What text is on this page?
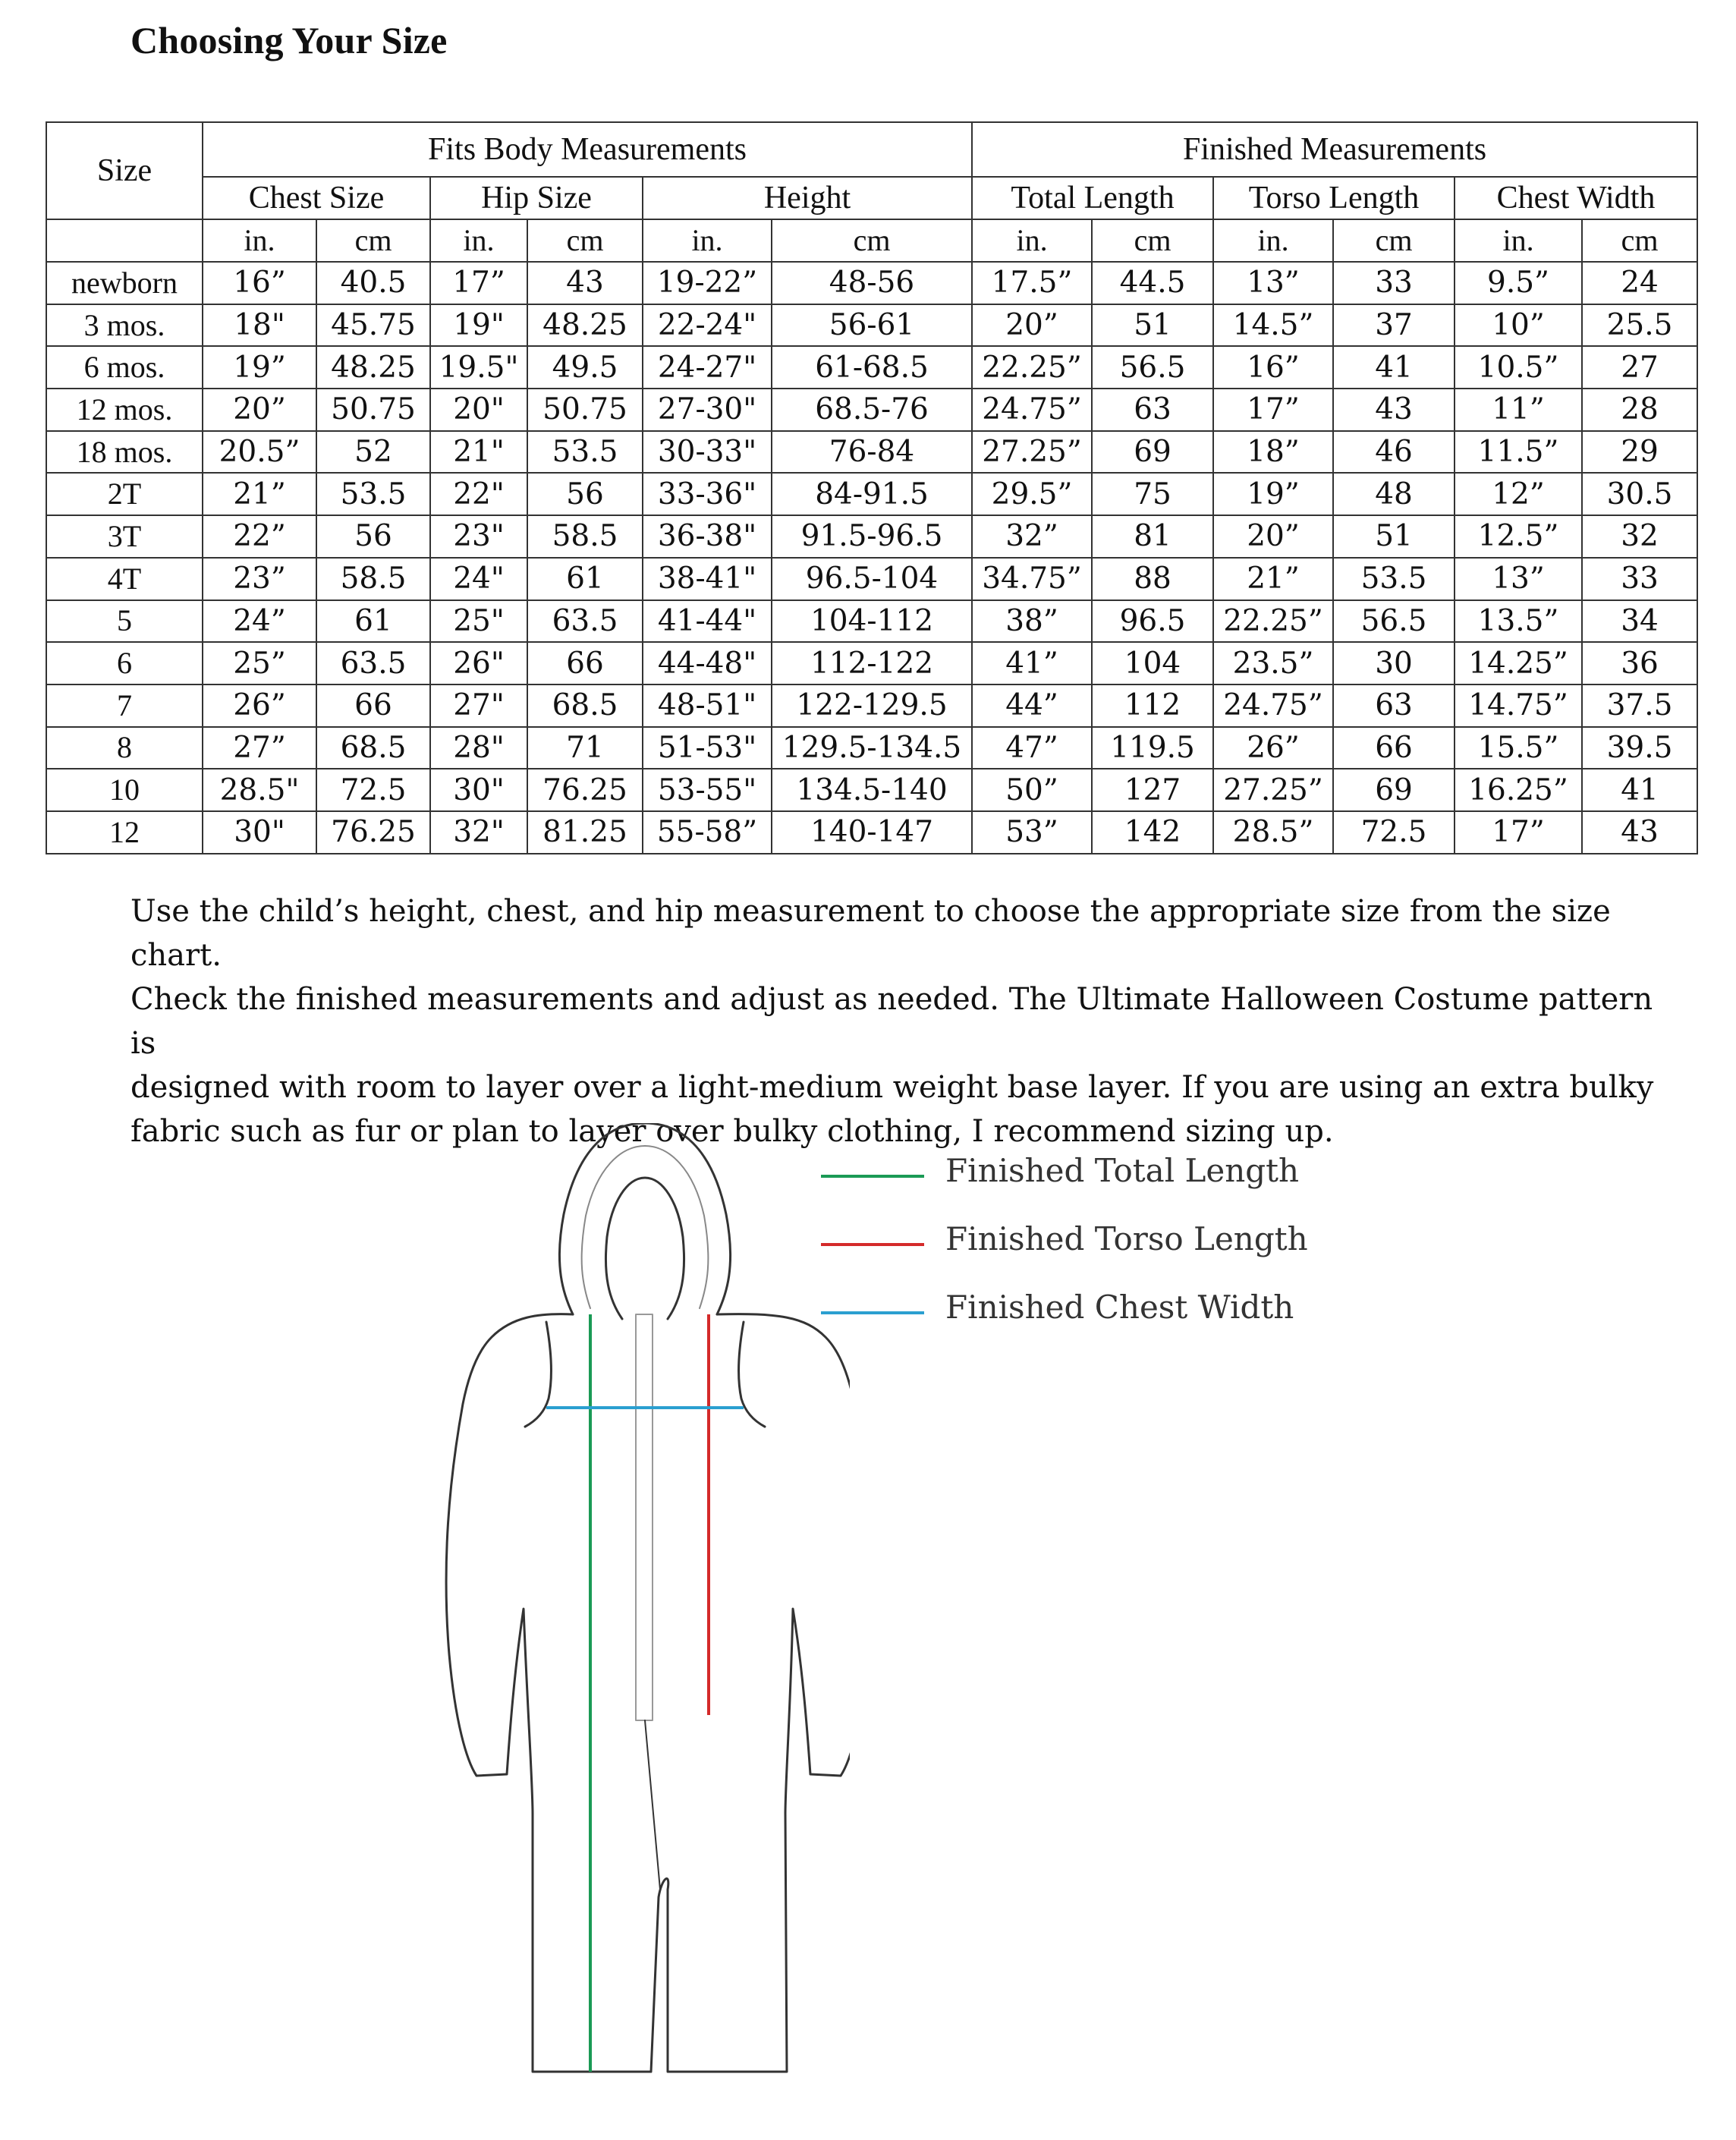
Choosing Your Size
Size	Fits Body Measurements						Finished Measurements					
	Chest Size		Hip Size		Height		Total Length		Torso Length		Chest Width	
	in.	cm	in.	cm	in.	cm	in.	cm	in.	cm	in.	cm
newborn	16”	40.5	17”	43	19-22”	48-56	17.5”	44.5	13”	33	9.5”	24
3 mos.	18"	45.75	19"	48.25	22-24"	56-61	20”	51	14.5”	37	10”	25.5
6 mos.	19”	48.25	19.5"	49.5	24-27"	61-68.5	22.25”	56.5	16”	41	10.5”	27
12 mos.	20”	50.75	20"	50.75	27-30"	68.5-76	24.75”	63	17”	43	11”	28
18 mos.	20.5”	52	21"	53.5	30-33"	76-84	27.25”	69	18”	46	11.5”	29
2T	21”	53.5	22"	56	33-36"	84-91.5	29.5”	75	19”	48	12”	30.5
3T	22”	56	23"	58.5	36-38"	91.5-96.5	32”	81	20”	51	12.5”	32
4T	23”	58.5	24"	61	38-41"	96.5-104	34.75”	88	21”	53.5	13”	33
5	24”	61	25"	63.5	41-44"	104-112	38”	96.5	22.25”	56.5	13.5”	34
6	25”	63.5	26"	66	44-48"	112-122	41”	104	23.5”	30	14.25”	36
7	26”	66	27"	68.5	48-51"	122-129.5	44”	112	24.75”	63	14.75”	37.5
8	27”	68.5	28"	71	51-53"	129.5-134.5	47”	119.5	26”	66	15.5”	39.5
10	28.5"	72.5	30"	76.25	53-55"	134.5-140	50”	127	27.25”	69	16.25”	41
12	30"	76.25	32"	81.25	55-58”	140-147	53”	142	28.5”	72.5	17”	43
Use the child’s height, chest, and hip measurement to choose the appropriate size from the size chart.
Check the finished measurements and adjust as needed. The Ultimate Halloween Costume pattern is
designed with room to layer over a light-medium weight base layer. If you are using an extra bulky
fabric such as fur or plan to layer over bulky clothing, I recommend sizing up.
Finished Total Length
Finished Torso Length
Finished Chest Width
